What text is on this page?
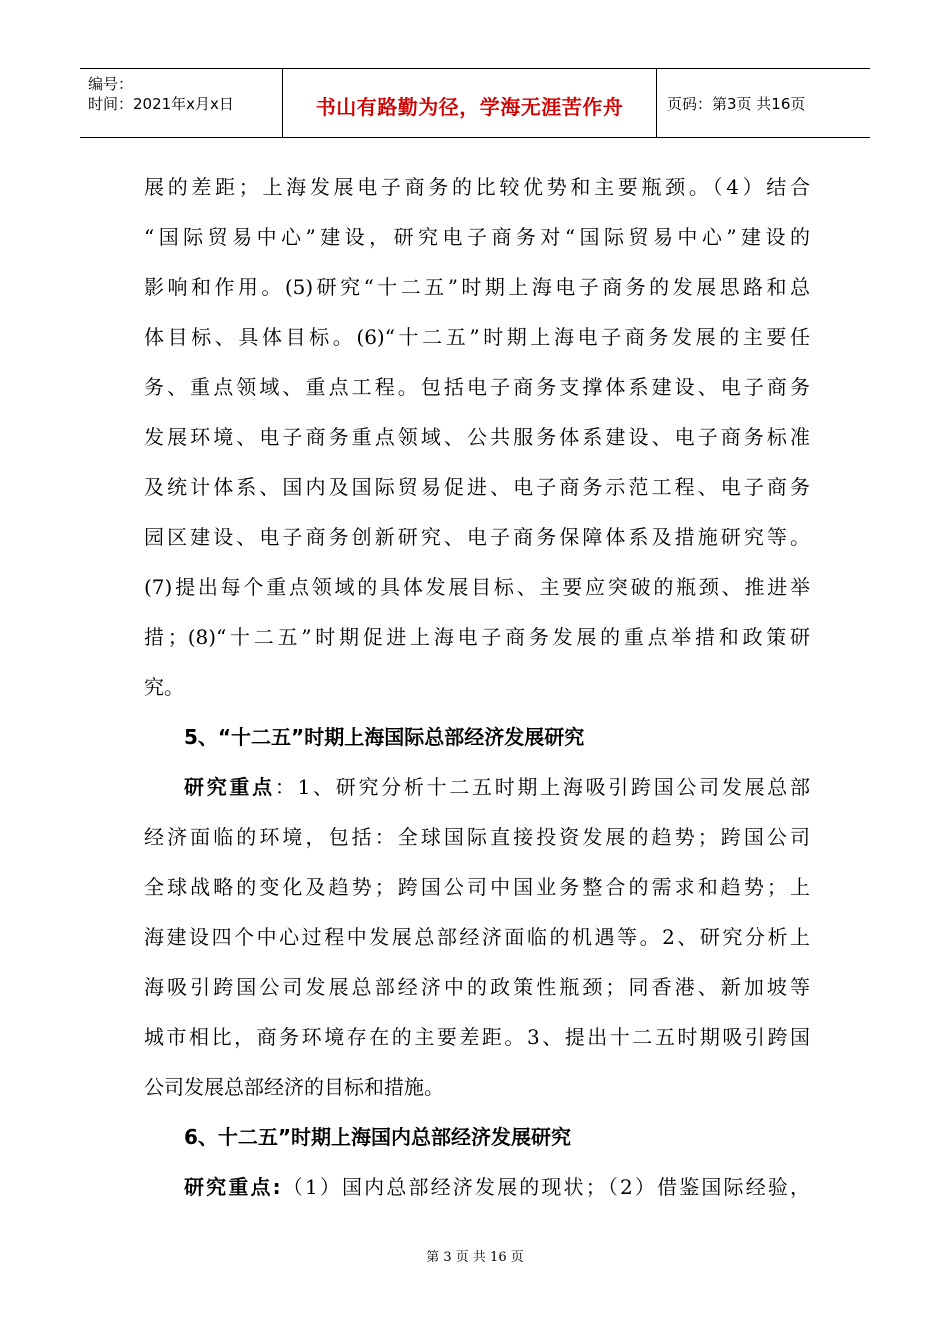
编号：
时间：2021年x月x日	书山有路勤为径，学海无涯苦作舟	页码：第3页 共16页
展的差距；上海发展电子商务的比较优势和主要瓶颈。（4）结合
“国际贸易中心”建设，研究电子商务对“国际贸易中心”建设的
影响和作用。(5)研究“十二五”时期上海电子商务的发展思路和总
体目标、具体目标。(6)“十二五”时期上海电子商务发展的主要任
务、重点领域、重点工程。包括电子商务支撑体系建设、电子商务
发展环境、电子商务重点领域、公共服务体系建设、电子商务标准
及统计体系、国内及国际贸易促进、电子商务示范工程、电子商务
园区建设、电子商务创新研究、电子商务保障体系及措施研究等。
(7)提出每个重点领域的具体发展目标、主要应突破的瓶颈、推进举
措；(8)“十二五”时期促进上海电子商务发展的重点举措和政策研
究。
5、“十二五”时期上海国际总部经济发展研究
研究重点：1、研究分析十二五时期上海吸引跨国公司发展总部
经济面临的环境，包括：全球国际直接投资发展的趋势；跨国公司
全球战略的变化及趋势；跨国公司中国业务整合的需求和趋势；上
海建设四个中心过程中发展总部经济面临的机遇等。2、研究分析上
海吸引跨国公司发展总部经济中的政策性瓶颈；同香港、新加坡等
城市相比，商务环境存在的主要差距。3、提出十二五时期吸引跨国
公司发展总部经济的目标和措施。
6、十二五”时期上海国内总部经济发展研究
研究重点:（1）国内总部经济发展的现状；（2）借鉴国际经验，
第 3 页 共 16 页
